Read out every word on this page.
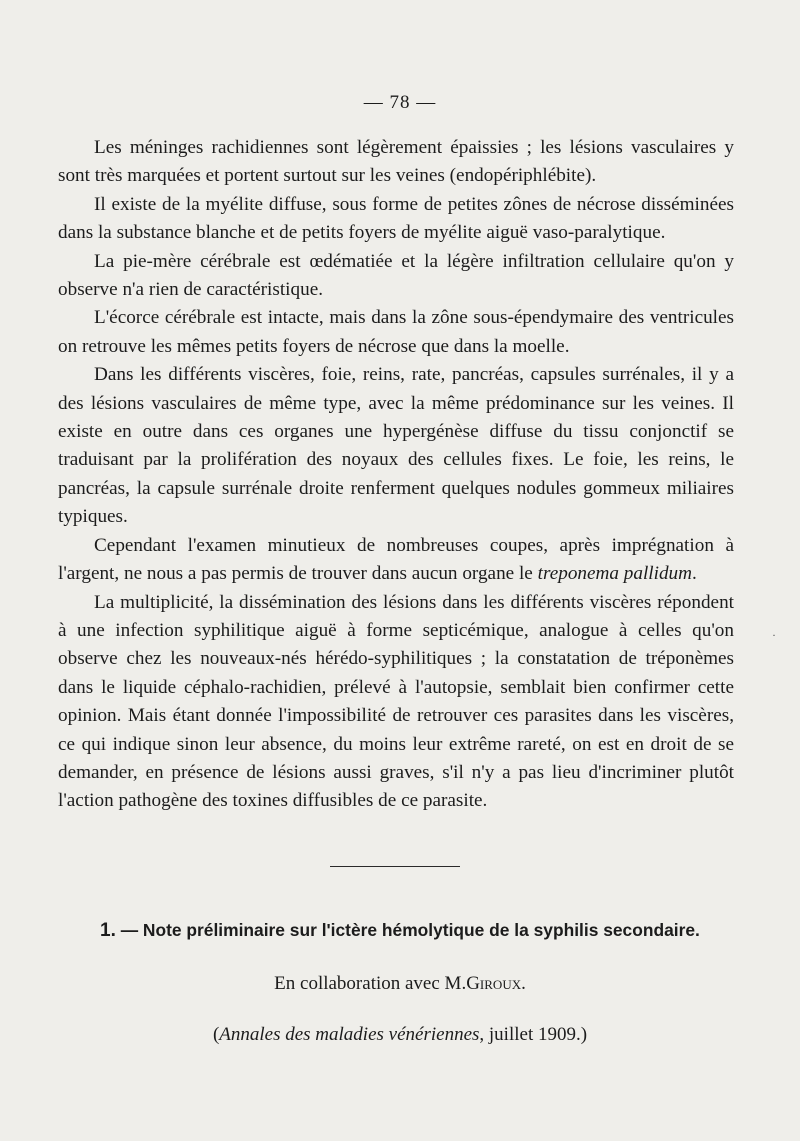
— 78 —

Les méninges rachidiennes sont légèrement épaissies ; les lésions vasculaires y sont très marquées et portent surtout sur les veines (endopériphlébite).

Il existe de la myélite diffuse, sous forme de petites zônes de nécrose disséminées dans la substance blanche et de petits foyers de myélite aiguë vaso-paralytique.

La pie-mère cérébrale est œdématiée et la légère infiltration cellulaire qu'on y observe n'a rien de caractéristique.

L'écorce cérébrale est intacte, mais dans la zône sous-épendymaire des ventricules on retrouve les mêmes petits foyers de nécrose que dans la moelle.

Dans les différents viscères, foie, reins, rate, pancréas, capsules surrénales, il y a des lésions vasculaires de même type, avec la même prédominance sur les veines. Il existe en outre dans ces organes une hypergénèse diffuse du tissu conjonctif se traduisant par la prolifération des noyaux des cellules fixes. Le foie, les reins, le pancréas, la capsule surrénale droite renferment quelques nodules gommeux miliaires typiques.

Cependant l'examen minutieux de nombreuses coupes, après imprégnation à l'argent, ne nous a pas permis de trouver dans aucun organe le treponema pallidum.

La multiplicité, la dissémination des lésions dans les différents viscères répondent à une infection syphilitique aiguë à forme septicémique, analogue à celles qu'on observe chez les nouveaux-nés hérédo-syphilitiques ; la constatation de tréponèmes dans le liquide céphalo-rachidien, prélevé à l'autopsie, semblait bien confirmer cette opinion. Mais étant donnée l'impossibilité de retrouver ces parasites dans les viscères, ce qui indique sinon leur absence, du moins leur extrême rareté, on est en droit de se demander, en présence de lésions aussi graves, s'il n'y a pas lieu d'incriminer plutôt l'action pathogène des toxines diffusibles de ce parasite.

1. — Note préliminaire sur l'ictère hémolytique de la syphilis secondaire.
En collaboration avec M.Giroux.
(Annales des maladies vénériennes, juillet 1909.)
·
